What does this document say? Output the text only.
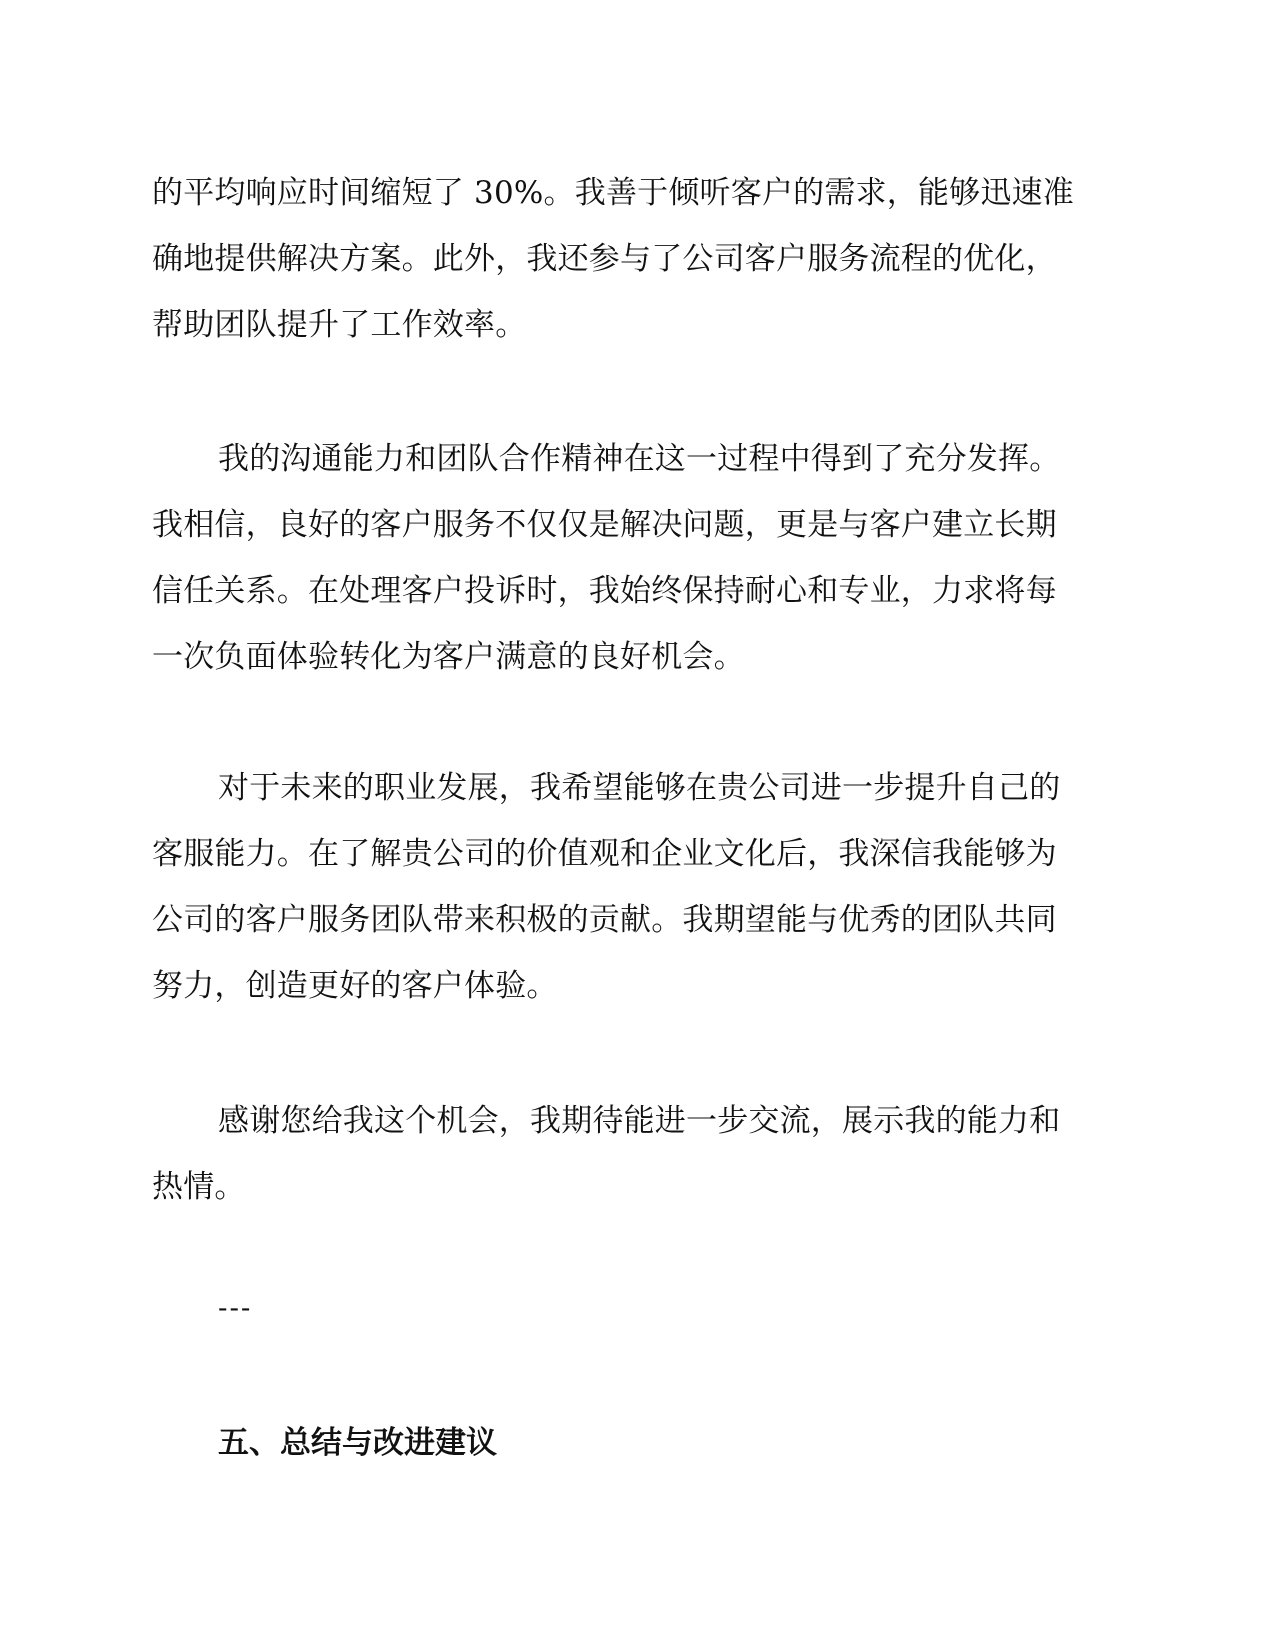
的平均响应时间缩短了 30%。我善于倾听客户的需求，能够迅速准
确地提供解决方案。此外，我还参与了公司客户服务流程的优化，
帮助团队提升了工作效率。
我的沟通能力和团队合作精神在这一过程中得到了充分发挥。
我相信，良好的客户服务不仅仅是解决问题，更是与客户建立长期
信任关系。在处理客户投诉时，我始终保持耐心和专业，力求将每
一次负面体验转化为客户满意的良好机会。
对于未来的职业发展，我希望能够在贵公司进一步提升自己的
客服能力。在了解贵公司的价值观和企业文化后，我深信我能够为
公司的客户服务团队带来积极的贡献。我期望能与优秀的团队共同
努力，创造更好的客户体验。
感谢您给我这个机会，我期待能进一步交流，展示我的能力和
热情。

---

五、总结与改进建议
